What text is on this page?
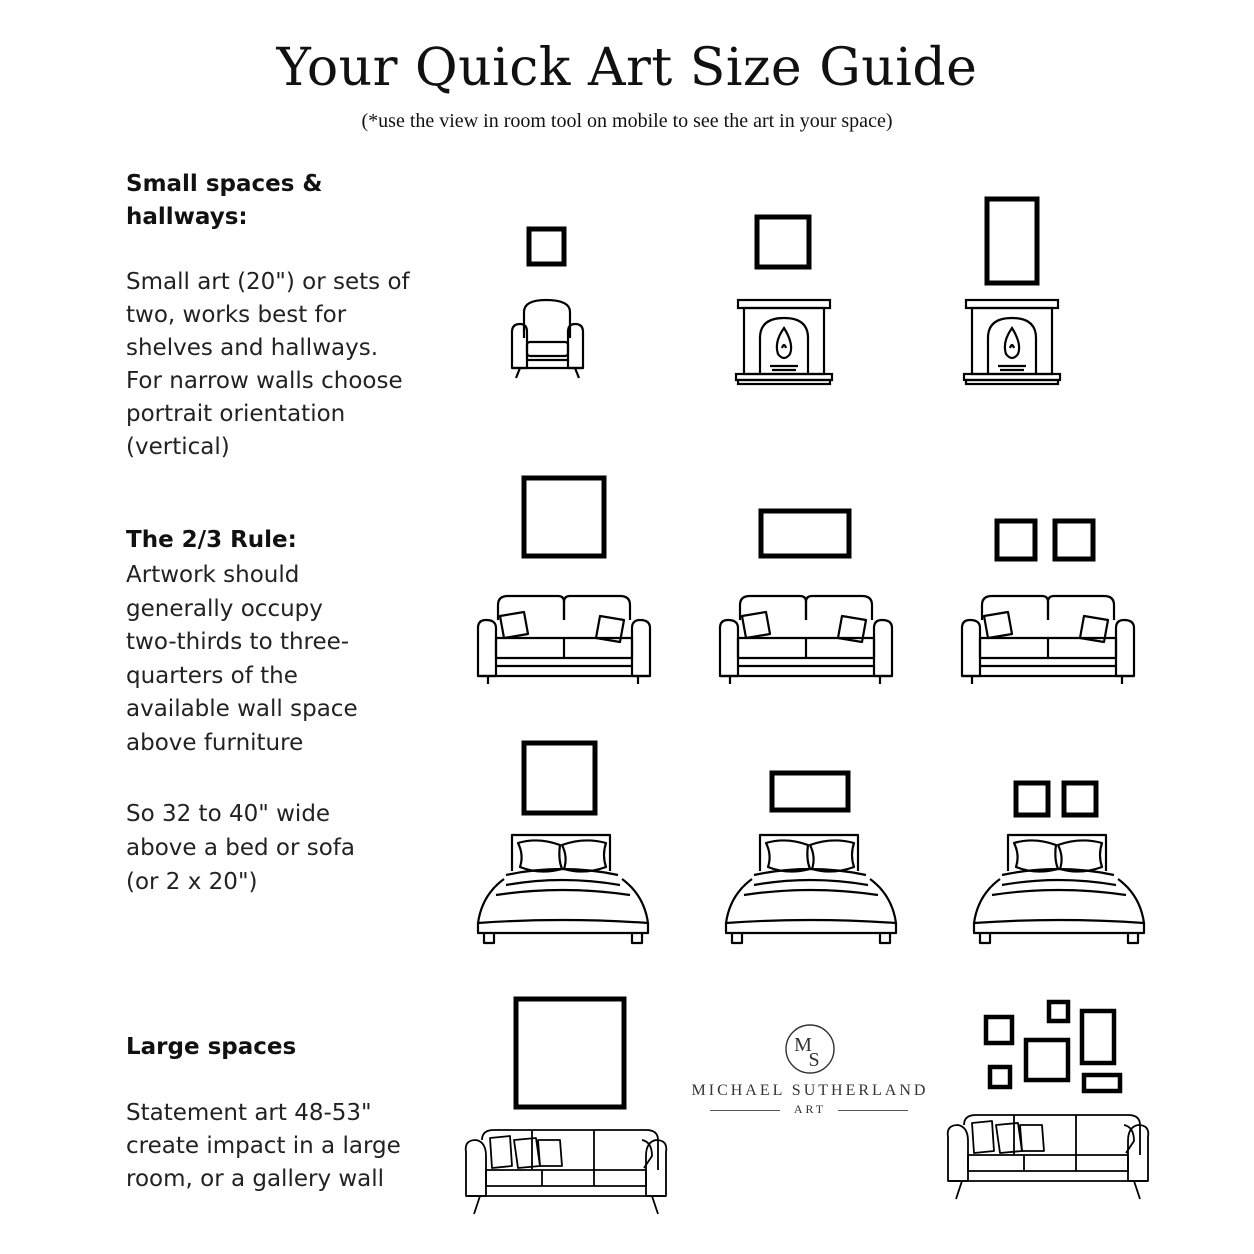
Your Quick Art Size Guide
(*use the view in room tool on mobile to see the art in your space)
Small spaces &
hallways:
Small art (20") or sets of
two, works best for
shelves and hallways.
For narrow walls choose
portrait orientation
(vertical)
The 2/3 Rule:
Artwork should
generally occupy
two-thirds to three-
quarters of the
available wall space
above furniture
So 32 to 40" wide
above a bed or sofa
(or 2 x 20")
Large spaces
Statement art 48-53"
create impact in a large
room, or a gallery wall
M
S
MICHAEL SUTHERLAND
ART
